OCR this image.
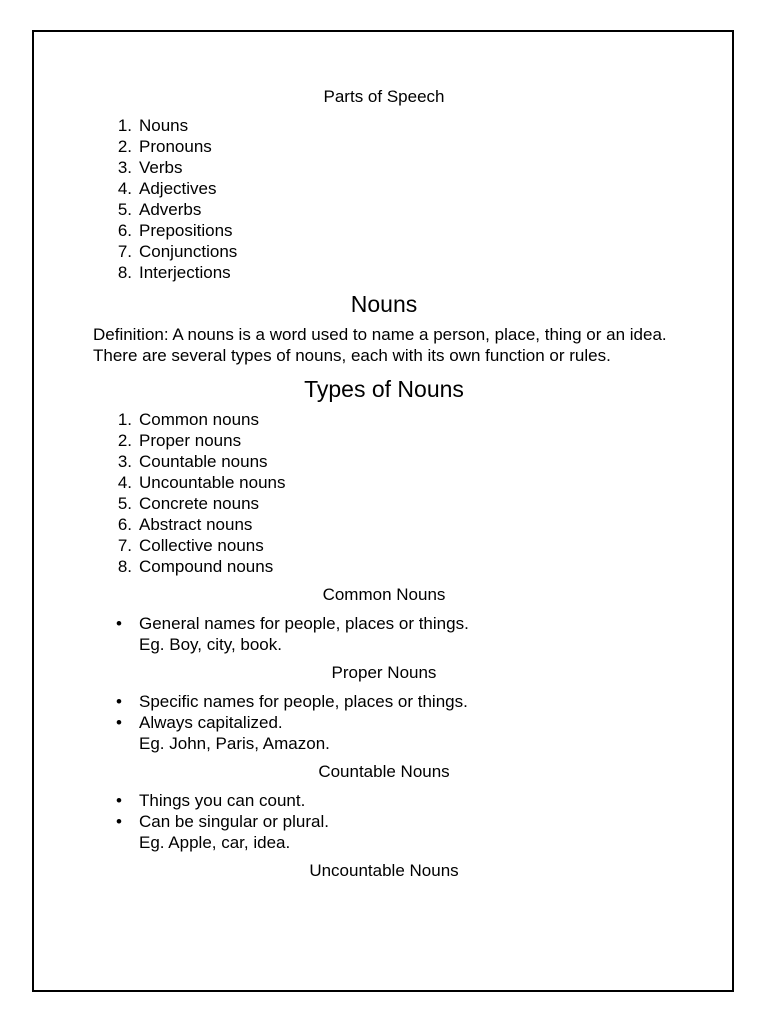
Parts of Speech
1. Nouns
2. Pronouns
3. Verbs
4. Adjectives
5. Adverbs
6. Prepositions
7. Conjunctions
8. Interjections
Nouns

Definition: A nouns is a word used to name a person, place, thing or an idea. There are several types of nouns, each with its own function or rules.

Types of Nouns
1. Common nouns
2. Proper nouns
3. Countable nouns
4. Uncountable nouns
5. Concrete nouns
6. Abstract nouns
7. Collective nouns
8. Compound nouns
Common Nouns
• General names for people, places or things.
Eg. Boy, city, book.
Proper Nouns
• Specific names for people, places or things.
• Always capitalized.
Eg. John, Paris, Amazon.
Countable Nouns
• Things you can count.
• Can be singular or plural.
Eg. Apple, car, idea.
Uncountable Nouns
